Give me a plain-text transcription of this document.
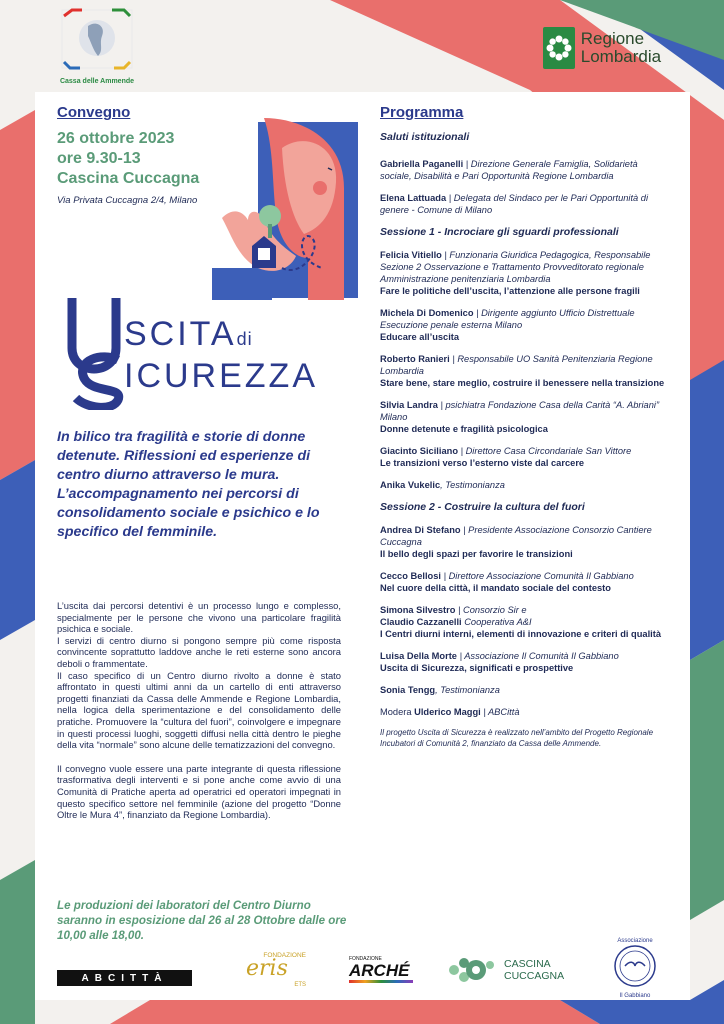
Cassa delle Ammende
Regione Lombardia
Convegno
26 ottobre 2023
ore 9.30-13
Cascina Cuccagna
Via Privata Cuccagna 2/4, Milano
SCITAdi
ICUREZZA
In bilico tra fragilità e storie di donne detenute. Riflessioni ed esperienze di centro diurno attraverso le mura. L’accompagnamento nei percorsi di consolidamento sociale e psichico e lo specifico del femminile.
L’uscita dai percorsi detentivi è un processo lungo e complesso, specialmente per le persone che vivono una particolare fragilità psichica e sociale.
I servizi di centro diurno si pongono sempre più come risposta convincente soprattutto laddove anche le reti esterne sono ancora deboli o frammentate.
Il caso specifico di un Centro diurno rivolto a donne è stato affrontato in questi ultimi anni da un cartello di enti attraverso progetti finanziati da Cassa delle Ammende e Regione Lombardia, nella logica della sperimentazione e del consolidamento delle pratiche. Promuovere la “cultura del fuori”, coinvolgere e impegnare in questi processi luoghi, soggetti diffusi nella città dentro le pieghe della vita “normale” sono alcune delle tematizzazioni del convegno.
Il convegno vuole essere una parte integrante di questa riflessione trasformativa degli interventi e si pone anche come avvio di una Comunità di Pratiche aperta ad operatrici ed operatori impegnati in questo specifico settore nel femminile (azione del progetto “Donne Oltre le Mura 4”, finanziato da Regione Lombardia).
Le produzioni dei laboratori del Centro Diurno saranno in esposizione dal 26 al 28 Ottobre dalle ore 10,00 alle 18,00.
Programma
Saluti istituzionali
Gabriella Paganelli | Direzione Generale Famiglia, Solidarietà sociale, Disabilità e Pari Opportunità Regione Lombardia
Elena Lattuada | Delegata del Sindaco per le Pari Opportunità di genere - Comune di Milano
Sessione 1 - Incrociare gli sguardi professionali
Felicia Vitiello | Funzionaria Giuridica Pedagogica, Responsabile Sezione 2 Osservazione e Trattamento Provveditorato regionale Amministrazione penitenziaria Lombardia
Fare le politiche dell’uscita, l’attenzione alle persone fragili
Michela Di Domenico | Dirigente aggiunto Ufficio Distrettuale Esecuzione penale esterna Milano
Educare all’uscita
Roberto Ranieri | Responsabile UO Sanità Penitenziaria Regione Lombardia
Stare bene, stare meglio, costruire il benessere nella transizione
Silvia Landra | psichiatra Fondazione Casa della Carità “A. Abriani” Milano
Donne detenute e fragilità psicologica
Giacinto Siciliano | Direttore Casa Circondariale San Vittore
Le transizioni verso l’esterno viste dal carcere
Anika Vukelic, Testimonianza
Sessione 2 - Costruire la cultura del fuori
Andrea Di Stefano | Presidente Associazione Consorzio Cantiere Cuccagna
Il bello degli spazi per favorire le transizioni
Cecco Bellosi | Direttore Associazione Comunità Il Gabbiano
Nel cuore della città, il mandato sociale del contesto
Simona Silvestro | Consorzio Sir e
Claudio Cazzanelli Cooperativa A&I
I Centri diurni interni, elementi di innovazione e criteri di qualità
Luisa Della Morte | Associazione Il Comunità Il Gabbiano
Uscita di Sicurezza, significati e prospettive
Sonia Tengg, Testimonianza
Modera Ulderico Maggi | ABCittà
Il progetto Uscita di Sicurezza è realizzato nell’ambito del Progetto Regionale Incubatori di Comunità 2, finanziato da Cassa delle Ammende.
ABCITTÀ
FONDAZIONE
eris
ETS
FONDAZIONE
ARCHÉ	CASCINA
CUCCAGNA
Associazione
Il Gabbiano
